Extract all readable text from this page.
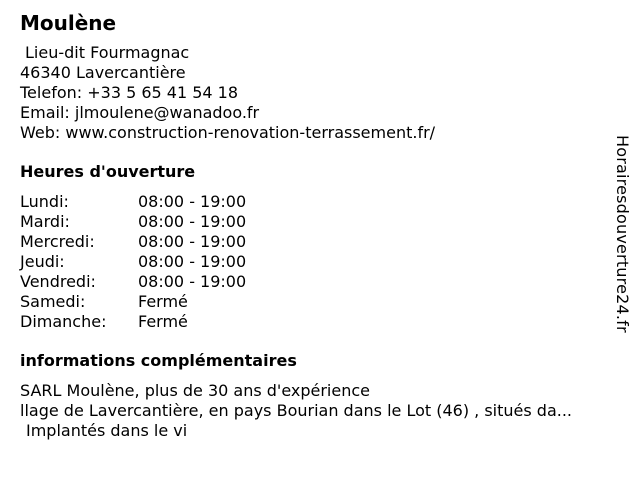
Moulène
Lieu-dit Fourmagnac
46340 Lavercantière
Telefon: +33 5 65 41 54 18
Email: jlmoulene@wanadoo.fr
Web: www.construction-renovation-terrassement.fr/
Heures d'ouverture
Lundi:	08:00 - 19:00
Mardi:	08:00 - 19:00
Mercredi:	08:00 - 19:00
Jeudi:	08:00 - 19:00
Vendredi:	08:00 - 19:00
Samedi:	Fermé
Dimanche:	Fermé
informations complémentaires
SARL Moulène, plus de 30 ans d'expérience
llage de Lavercantière, en pays Bourian dans le Lot (46) , situés da...
Implantés dans le vi
Horairesdouverture24.fr
